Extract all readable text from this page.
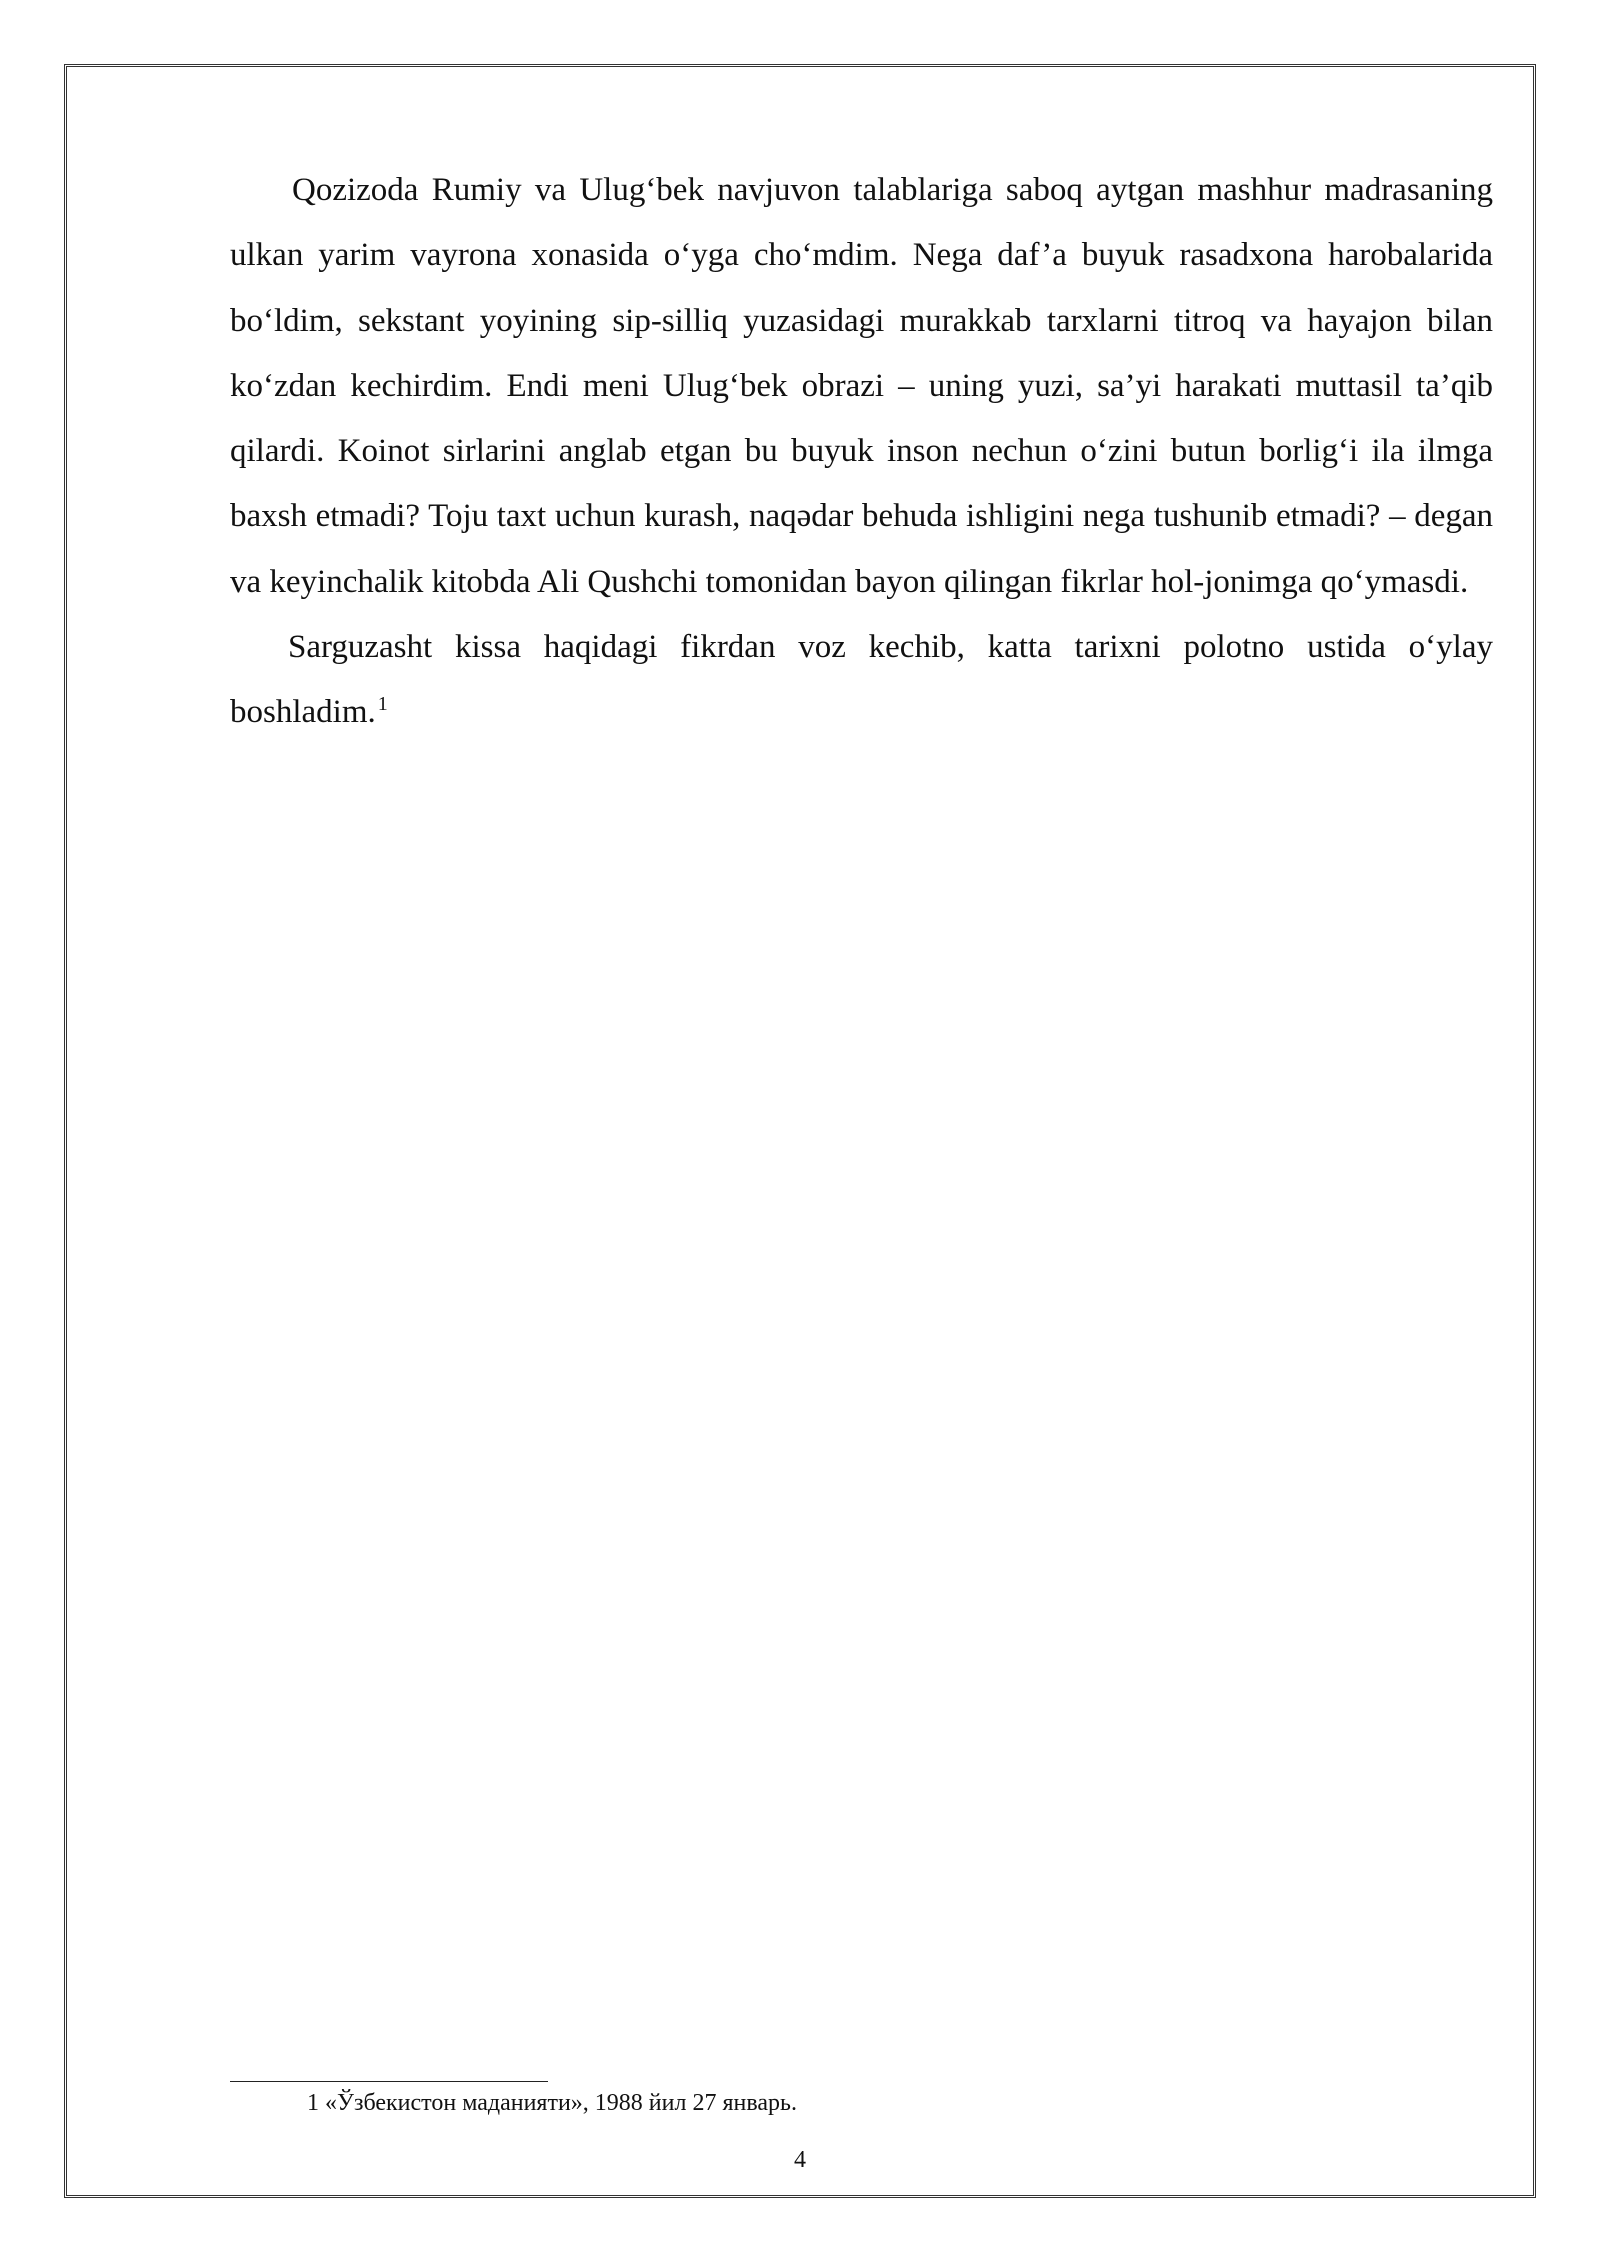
Qozizoda Rumiy va Ulug‘bek navjuvon talablariga saboq aytgan mashhur madrasaning ulkan yarim vayrona xonasida o‘yga cho‘mdim. Nega daf’a buyuk rasadxona harobalarida bo‘ldim, sekstant yoyining sip-silliq yuzasidagi murakkab tarxlarni titroq va hayajon bilan ko‘zdan kechirdim. Endi meni Ulug‘bek obrazi – uning yuzi, sa’yi harakati muttasil ta’qib qilardi. Koinot sirlarini anglab etgan bu buyuk inson nechun o‘zini butun borlig‘i ila ilmga baxsh etmadi? Toju taxt uchun kurash, naqədar behuda ishligini nega tushunib etmadi? – degan va keyinchalik kitobda Ali Qushchi tomonidan bayon qilingan fikrlar hol-jonimga qo‘ymasdi.

Sarguzasht kissa haqidagi fikrdan voz kechib, katta tarixni polotno ustida o‘ylay boshladim. $^1$

1 «Ўзбекистон маданияти», 1988 йил 27 январь.
4
